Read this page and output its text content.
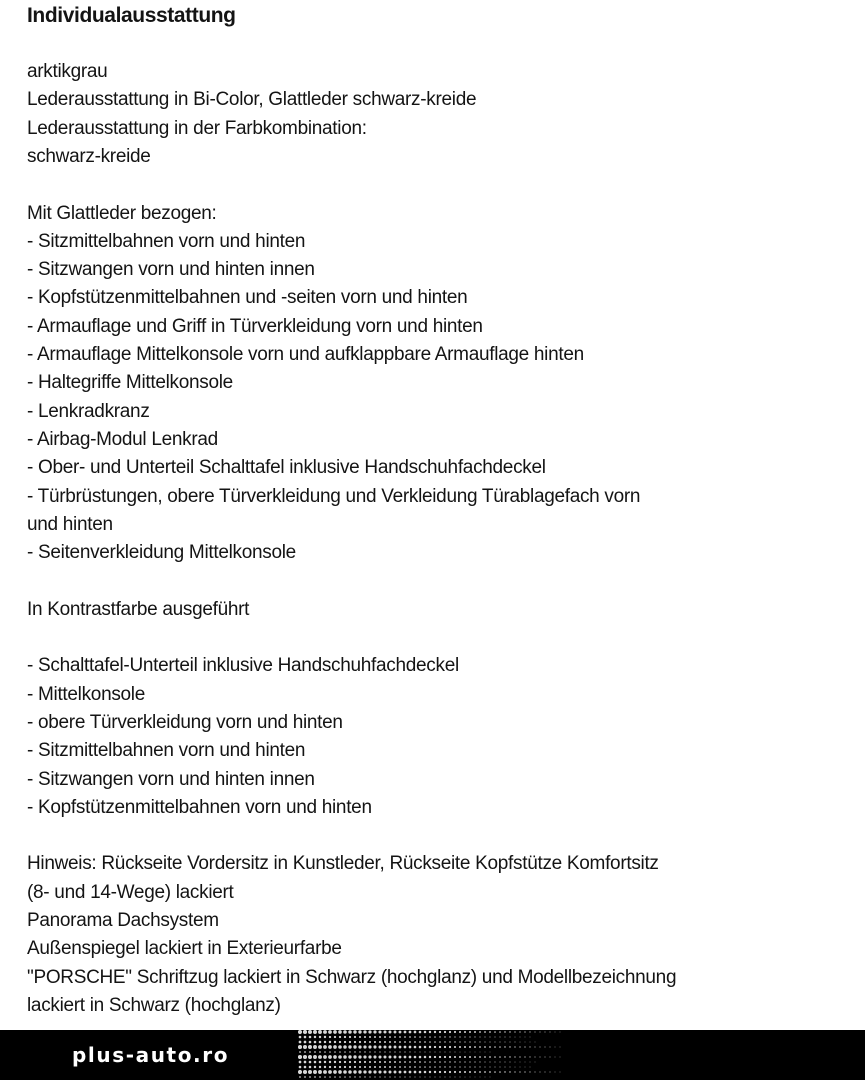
Individualausstattung

arktikgrau

Lederausstattung in Bi-Color, Glattleder schwarz-kreide

Lederausstattung in der Farbkombination:

schwarz-kreide

Mit Glattleder bezogen:

- Sitzmittelbahnen vorn und hinten

- Sitzwangen vorn und hinten innen

- Kopfstützenmittelbahnen und -seiten vorn und hinten

- Armauflage und Griff in Türverkleidung vorn und hinten

- Armauflage Mittelkonsole vorn und aufklappbare Armauflage hinten

- Haltegriffe Mittelkonsole

- Lenkradkranz

- Airbag-Modul Lenkrad

- Ober- und Unterteil Schalttafel inklusive Handschuhfachdeckel

- Türbrüstungen, obere Türverkleidung und Verkleidung Türablagefach vorn

und hinten

- Seitenverkleidung Mittelkonsole

In Kontrastfarbe ausgeführt

- Schalttafel-Unterteil inklusive Handschuhfachdeckel

- Mittelkonsole

- obere Türverkleidung vorn und hinten

- Sitzmittelbahnen vorn und hinten

- Sitzwangen vorn und hinten innen

- Kopfstützenmittelbahnen vorn und hinten

Hinweis: Rückseite Vordersitz in Kunstleder, Rückseite Kopfstütze Komfortsitz

(8- und 14-Wege) lackiert

Panorama Dachsystem

Außenspiegel lackiert in Exterieurfarbe

"PORSCHE" Schriftzug lackiert in Schwarz (hochglanz) und Modellbezeichnung

lackiert in Schwarz (hochglanz)

plus-auto.ro
